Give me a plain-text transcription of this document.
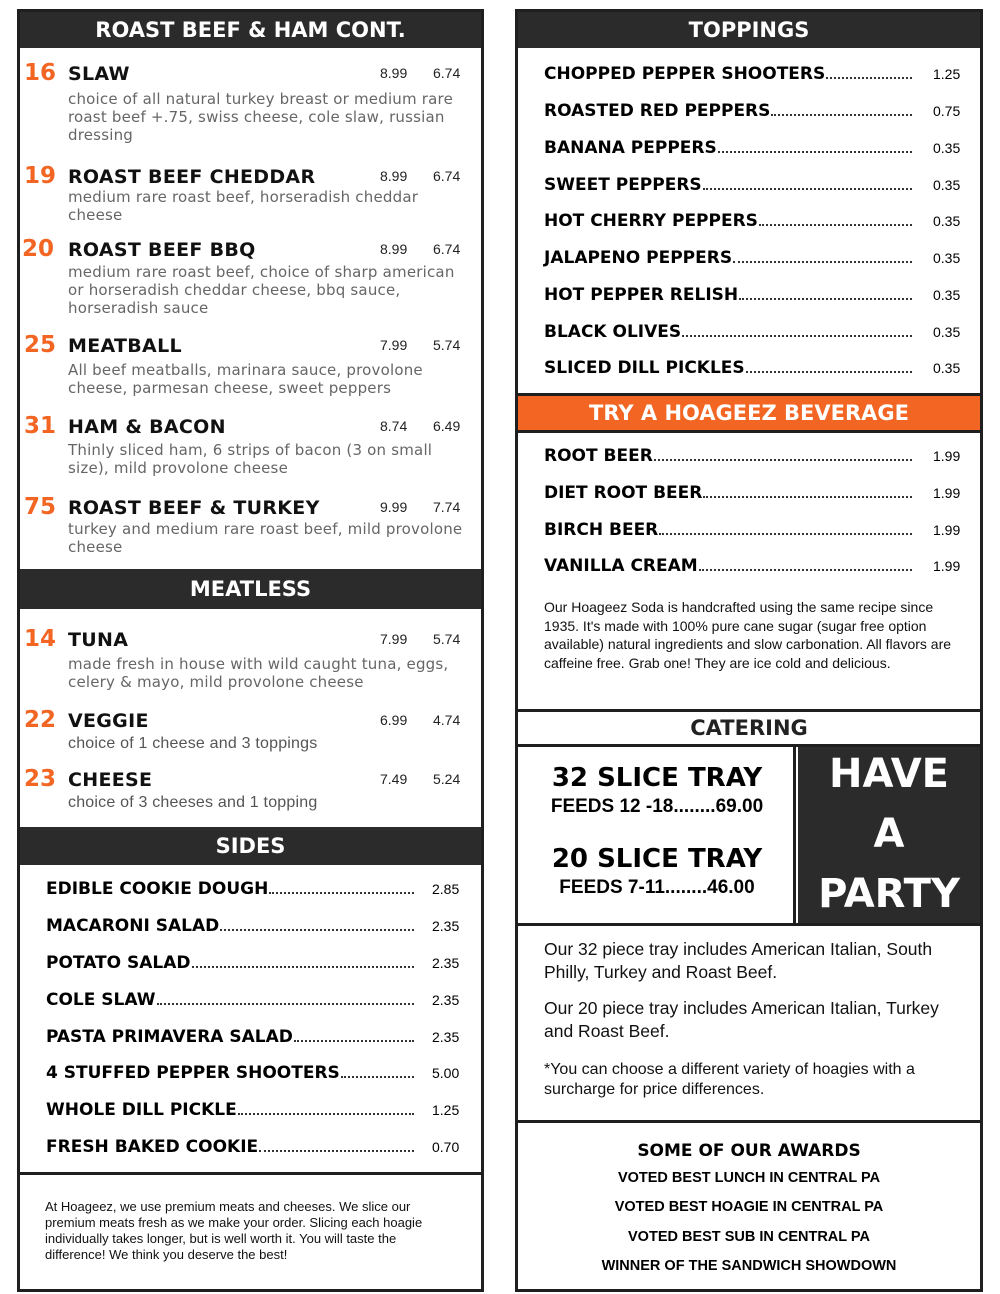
ROAST BEEF & HAM CONT.
16 SLAW	8.99 6.74
choice of all natural turkey breast or medium rare roast beef +.75, swiss cheese, cole slaw, russian dressing
19 ROAST BEEF CHEDDAR	8.99 6.74
medium rare roast beef, horseradish cheddar cheese
20 ROAST BEEF BBQ	8.99 6.74
medium rare roast beef, choice of sharp american or horseradish cheddar cheese, bbq sauce, horseradish sauce
25 MEATBALL	7.99 5.74
All beef meatballs, marinara sauce, provolone cheese, parmesan cheese, sweet peppers
31 HAM & BACON	8.74 6.49
Thinly sliced ham, 6 strips of bacon (3 on small size), mild provolone cheese
75 ROAST BEEF & TURKEY	9.99 7.74
turkey and medium rare roast beef, mild provolone cheese
MEATLESS
14 TUNA	7.99 5.74
made fresh in house with wild caught tuna, eggs, celery & mayo, mild provolone cheese
22 VEGGIE	6.99 4.74
choice of 1 cheese and 3 toppings
23 CHEESE	7.49 5.24
choice of 3 cheeses and 1 topping
SIDES
EDIBLE COOKIE DOUGH	2.85
MACARONI SALAD	2.35
POTATO SALAD	2.35
COLE SLAW	2.35
PASTA PRIMAVERA SALAD	2.35
4 STUFFED PEPPER SHOOTERS	5.00
WHOLE DILL PICKLE	1.25
FRESH BAKED COOKIE	0.70
At Hoageez, we use premium meats and cheeses. We slice our premium meats fresh as we make your order. Slicing each hoagie individually takes longer, but is well worth it. You will taste the difference! We think you deserve the best!
TOPPINGS
CHOPPED PEPPER SHOOTERS	1.25
ROASTED RED PEPPERS	0.75
BANANA PEPPERS	0.35
SWEET PEPPERS	0.35
HOT CHERRY PEPPERS	0.35
JALAPENO PEPPERS	0.35
HOT PEPPER RELISH	0.35
BLACK OLIVES	0.35
SLICED DILL PICKLES	0.35
TRY A HOAGEEZ BEVERAGE
ROOT BEER	1.99
DIET ROOT BEER	1.99
BIRCH BEER	1.99
VANILLA CREAM	1.99
Our Hoageez Soda is handcrafted using the same recipe since 1935. It's made with 100% pure cane sugar (sugar free option available) natural ingredients and slow carbonation. All flavors are caffeine free. Grab one! They are ice cold and delicious.
CATERING
32 SLICE TRAY
FEEDS 12 -18........69.00
20 SLICE TRAY
FEEDS 7-11........46.00
HAVE
A
PARTY
Our 32 piece tray includes American Italian, South Philly, Turkey and Roast Beef.
Our 20 piece tray includes American Italian, Turkey and Roast Beef.
*You can choose a different variety of hoagies with a surcharge for price differences.
SOME OF OUR AWARDS
VOTED BEST LUNCH IN CENTRAL PA
VOTED BEST HOAGIE IN CENTRAL PA
VOTED BEST SUB IN CENTRAL PA
WINNER OF THE SANDWICH SHOWDOWN
